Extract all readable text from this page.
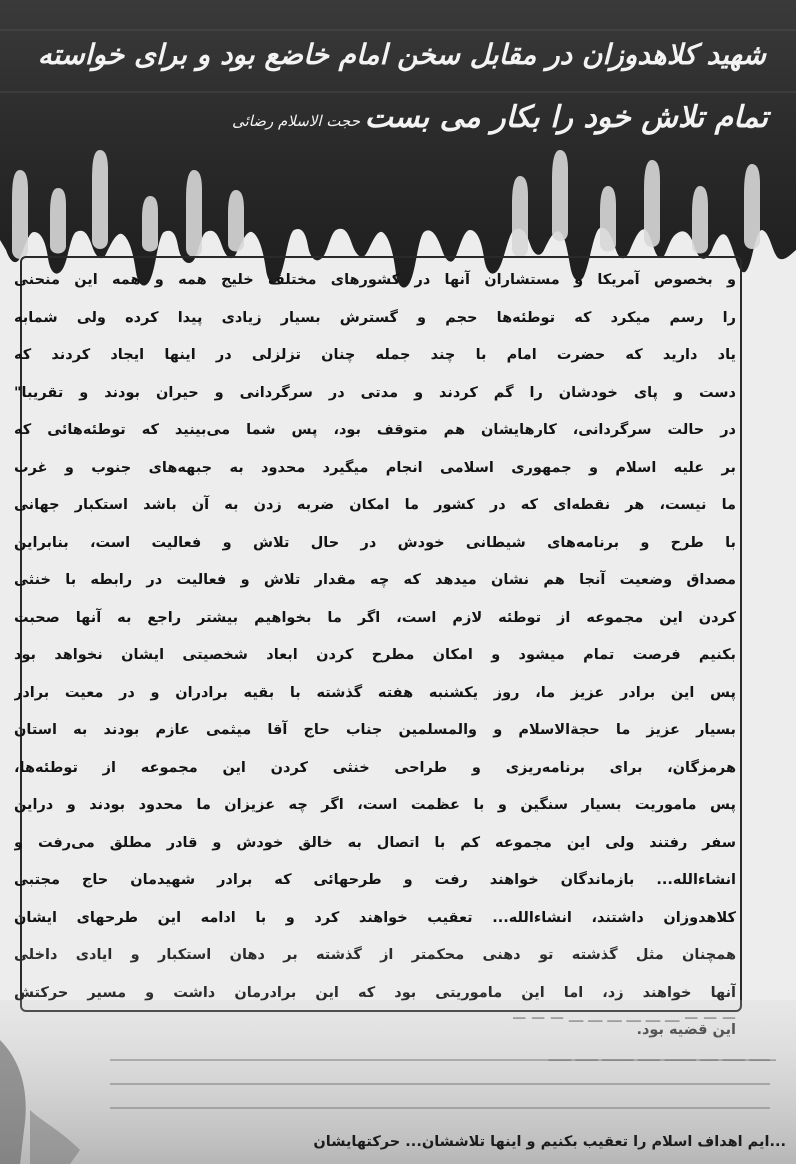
شهید کلاهدوزان در مقابل سخن امام خاضع بود و برای خواسته

تمام تلاش خود را بکار می بست

حجت الاسلام رضائی
و بخصوص آمریکا و مستشاران آنها در کشورهای مختلف خلیج همه و همه این منحنی
را رسم میکرد که توطئه‌ها حجم و گسترش بسیار زیادی پیدا کرده ولی شمابه
یاد دارید که حضرت امام با چند جمله چنان تزلزلی در اینها ایجاد کردند که
دست و پای خودشان را گم کردند و مدتی در سرگردانی و حیران بودند و تقریبا"
در حالت سرگردانی، کارهایشان هم متوقف بود، پس شما می‌بینید که توطئه‌هائی که
بر علیه اسلام و جمهوری اسلامی انجام میگیرد محدود به جبهه‌های جنوب و غرب
ما نیست، هر نقطه‌ای که در کشور ما امکان ضربه زدن به آن باشد استکبار جهانی
با طرح و برنامه‌های شیطانی خودش در حال تلاش و فعالیت است، بنابراین
مصداق وضعیت آنجا هم نشان میدهد که چه مقدار تلاش و فعالیت در رابطه با خنثی
کردن این مجموعه از توطئه لازم است، اگر ما بخواهیم بیشتر راجع به آنها صحبت
بکنیم فرصت تمام میشود و امکان مطرح کردن ابعاد شخصیتی ایشان نخواهد بود
پس این برادر عزیز ما، روز یکشنبه هفته گذشته با بقیه برادران و در معیت برادر
بسیار عزیز ما حجةالاسلام و والمسلمین جناب حاج آقا میثمی عازم بودند به استان
هرمزگان، برای برنامه‌ریزی و طراحی خنثی کردن این مجموعه از توطئه‌ها،
پس ماموریت بسیار سنگین و با عظمت است، اگر چه عزیزان ما محدود بودند و دراین
سفر رفتند ولی این مجموعه کم با اتصال به خالق خودش و قادر مطلق می‌رفت و
انشاءالله... بازماندگان خواهند رفت و طرحهائی که برادر شهیدمان حاج مجتبی
کلاهدوزان داشتند، انشاءالله... تعقیب خواهند کرد و با ادامه این طرحهای ایشان
همچنان مثل گذشته تو دهنی محکمتر از گذشته بر دهان استکبار و ایادی داخلی
آنها خواهند زد، اما این ماموریتی بود که این برادرمان داشت و مسیر حرکتش
— — — ـــ ـــ ـــ ـــ ـــ ـــ — — —
ــــــ ـــــ ــــ ـــــــ ـــــ ـــــــ ـــــ ـــــ
...ایم اهداف اسلام را تعقیب بکنیم و اینها تلاششان... حرکتهایشان
